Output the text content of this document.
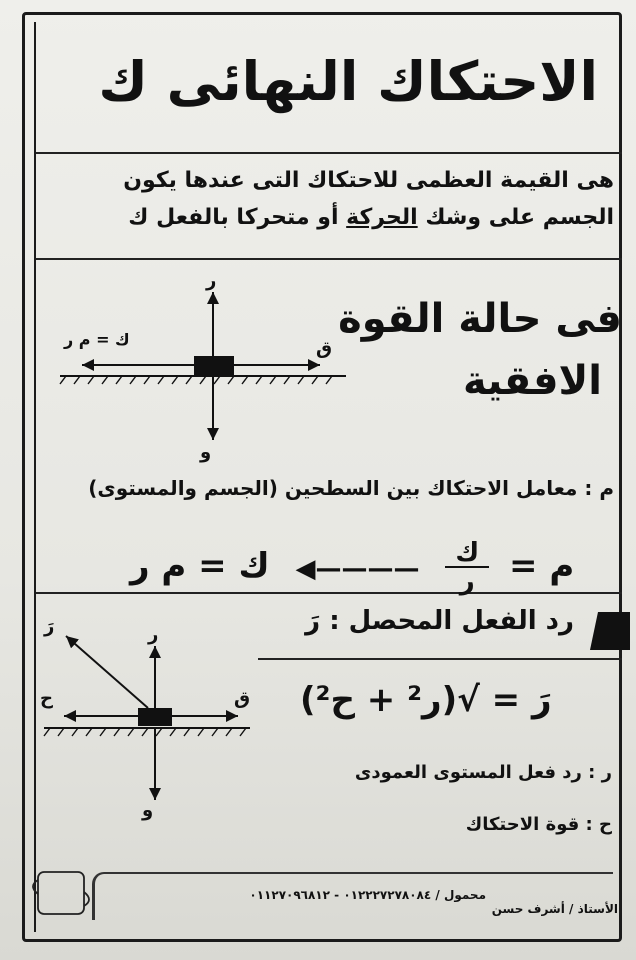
الاحتكاك النهائى ك
هى القيمة العظمى للاحتكاك التى عندها يكون
الجسم على وشك الحركة أو متحركا بالفعل ك
فى حالة القوة
الافقية
م : معامل الاحتكاك بين السطحين (الجسم والمستوى)
ك = م ر ◀————
ك
ر	م =
رد الفعل المحصل : رَ
رَ = √(ر² + ح²)
ر : رد فعل المستوى العمودى
ح : قوة الاحتكاك
ر
و
ق
ك = م ر
رَ	ر
و
ق
ح
الأستاذ / أشرف حسن
محمول / ٠١٢٢٢٧٢٧٨٠٨٤ - ٠١١٢٧٠٩٦٨١٢
